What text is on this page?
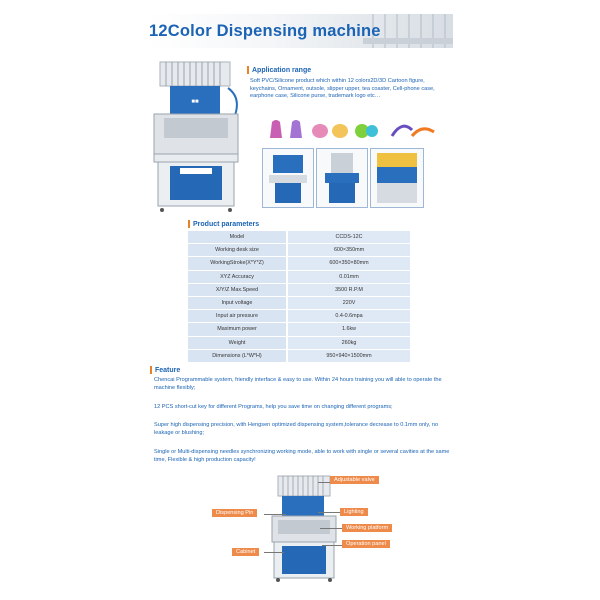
12Color Dispensing machine
■■
Application range
Soft PVC/Silicone product which within 12 colors2D/3D Cartoon figure, keychains, Ornament, outsole, slipper upper, tea coaster, Cell-phone case, earphone case, Silicone purse, trademark logo etc…
Product parameters
Model	CCDS-12C
Working desk size	600×350mm
WorkingStroke(X*Y*Z)	600×350×80mm
XYZ Accuracy	0.01mm
X/Y/Z Max.Speed	3500 R.P.M
Input voltage	220V
Input air pressure	0.4-0.6mpa
Maximum power	1.6kw
Weight	260kg
Dimensions (L*W*H)	950×940×1500mm
Feature
Chencai Programmable system, friendly interface & easy to use. Within 24 hours training you will able to operate the machine flexibly;
12 PCS short-cut key for different Programs, help you save time on changing different programs;
Super high dispensing precision, with Hengsen optimized dispensing system,tolerance decrease to 0.1mm only, no leakage or blushing;
Single or Multi-dispensing needles synchronizing working mode, able to work with single or several cavities at the same time, Flexible & high production capacity!
Adjustable valve
Dispensing Pin	Lighting
Working platform
Operation panel
Cabinet
